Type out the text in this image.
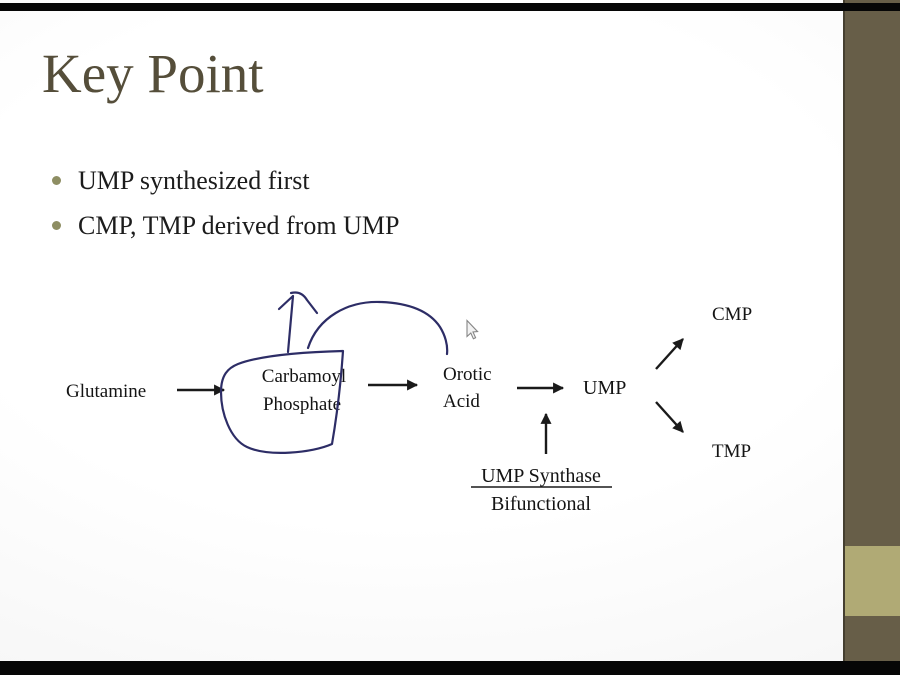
Key Point
UMP synthesized first
CMP, TMP derived from UMP
Glutamine
Carbamoyl
Phosphate
Orotic
Acid
UMP
CMP
TMP
UMP Synthase
Bifunctional
